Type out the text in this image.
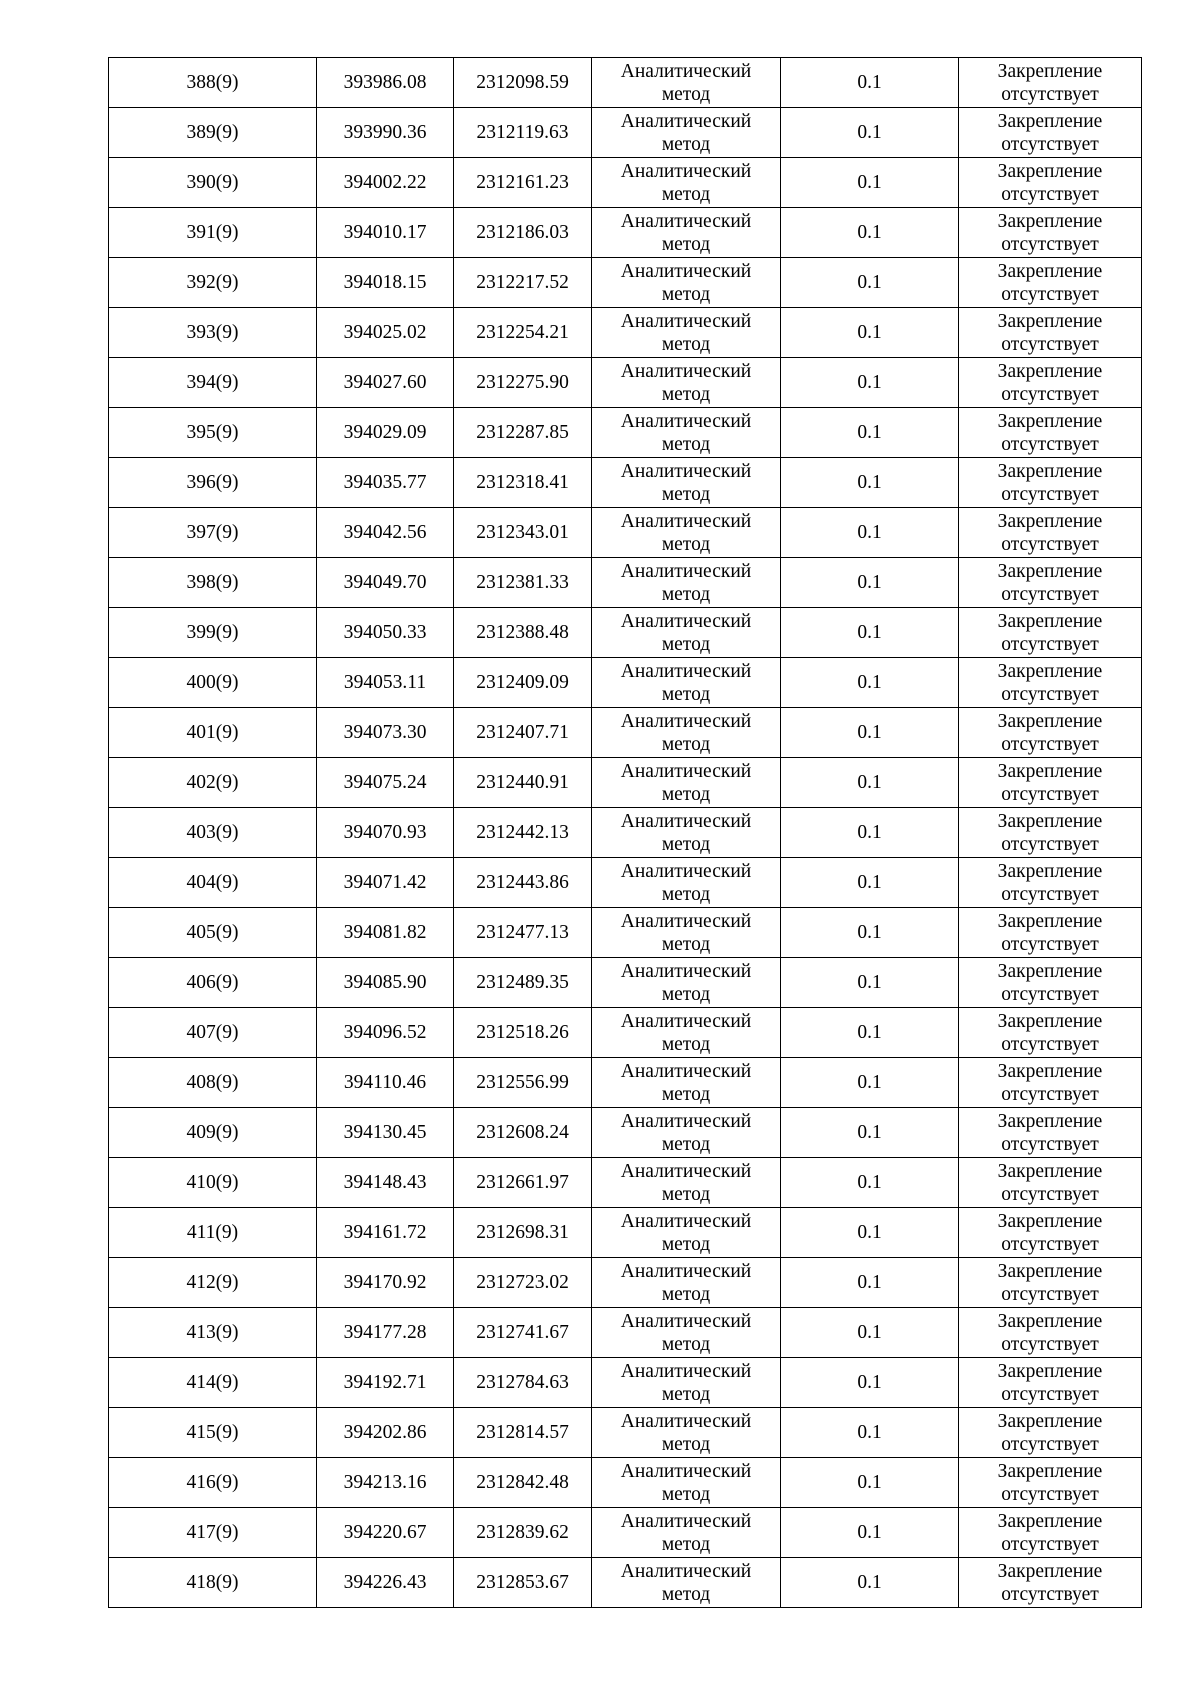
388(9)	393986.08	2312098.59	Аналитический
метод	0.1	Закрепление
отсутствует

389(9)	393990.36	2312119.63	Аналитический
метод	0.1	Закрепление
отсутствует

390(9)	394002.22	2312161.23	Аналитический
метод	0.1	Закрепление
отсутствует

391(9)	394010.17	2312186.03	Аналитический
метод	0.1	Закрепление
отсутствует

392(9)	394018.15	2312217.52	Аналитический
метод	0.1	Закрепление
отсутствует

393(9)	394025.02	2312254.21	Аналитический
метод	0.1	Закрепление
отсутствует

394(9)	394027.60	2312275.90	Аналитический
метод	0.1	Закрепление
отсутствует

395(9)	394029.09	2312287.85	Аналитический
метод	0.1	Закрепление
отсутствует

396(9)	394035.77	2312318.41	Аналитический
метод	0.1	Закрепление
отсутствует

397(9)	394042.56	2312343.01	Аналитический
метод	0.1	Закрепление
отсутствует

398(9)	394049.70	2312381.33	Аналитический
метод	0.1	Закрепление
отсутствует

399(9)	394050.33	2312388.48	Аналитический
метод	0.1	Закрепление
отсутствует

400(9)	394053.11	2312409.09	Аналитический
метод	0.1	Закрепление
отсутствует

401(9)	394073.30	2312407.71	Аналитический
метод	0.1	Закрепление
отсутствует

402(9)	394075.24	2312440.91	Аналитический
метод	0.1	Закрепление
отсутствует

403(9)	394070.93	2312442.13	Аналитический
метод	0.1	Закрепление
отсутствует

404(9)	394071.42	2312443.86	Аналитический
метод	0.1	Закрепление
отсутствует

405(9)	394081.82	2312477.13	Аналитический
метод	0.1	Закрепление
отсутствует

406(9)	394085.90	2312489.35	Аналитический
метод	0.1	Закрепление
отсутствует

407(9)	394096.52	2312518.26	Аналитический
метод	0.1	Закрепление
отсутствует

408(9)	394110.46	2312556.99	Аналитический
метод	0.1	Закрепление
отсутствует

409(9)	394130.45	2312608.24	Аналитический
метод	0.1	Закрепление
отсутствует

410(9)	394148.43	2312661.97	Аналитический
метод	0.1	Закрепление
отсутствует

411(9)	394161.72	2312698.31	Аналитический
метод	0.1	Закрепление
отсутствует

412(9)	394170.92	2312723.02	Аналитический
метод	0.1	Закрепление
отсутствует

413(9)	394177.28	2312741.67	Аналитический
метод	0.1	Закрепление
отсутствует

414(9)	394192.71	2312784.63	Аналитический
метод	0.1	Закрепление
отсутствует

415(9)	394202.86	2312814.57	Аналитический
метод	0.1	Закрепление
отсутствует

416(9)	394213.16	2312842.48	Аналитический
метод	0.1	Закрепление
отсутствует

417(9)	394220.67	2312839.62	Аналитический
метод	0.1	Закрепление
отсутствует

418(9)	394226.43	2312853.67	Аналитический
метод	0.1	Закрепление
отсутствует
